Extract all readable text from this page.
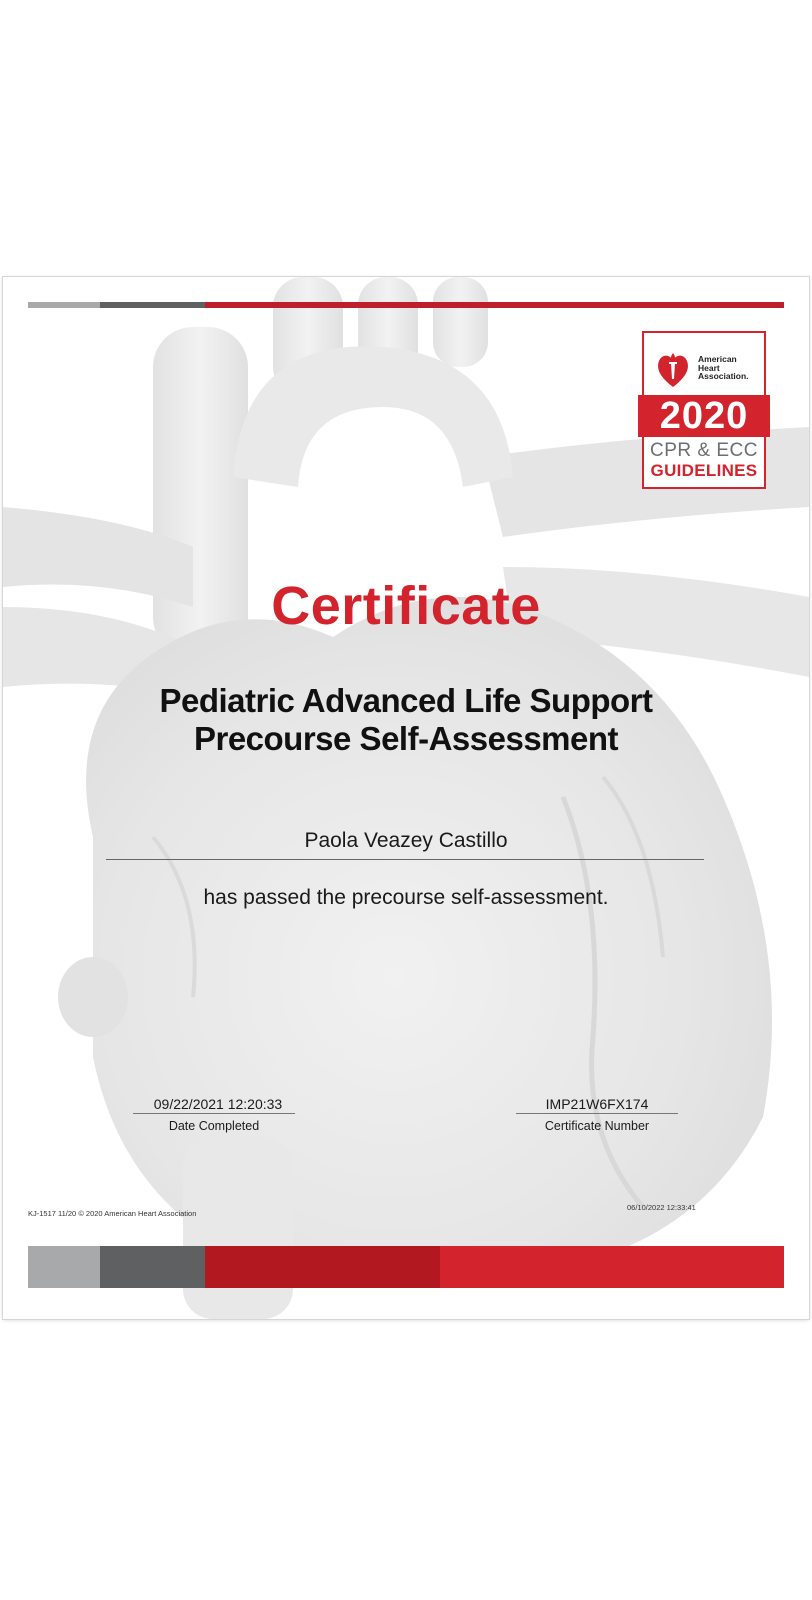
American
Heart
Association.
2020
CPR & ECC
GUIDELINES
Certificate
Pediatric Advanced Life Support
Precourse Self-Assessment
Paola Veazey Castillo
has passed the precourse self-assessment.
09/22/2021 12:20:33
Date Completed
IMP21W6FX174
Certificate Number
KJ-1517 11/20 © 2020 American Heart Association
06/10/2022 12:33:41
